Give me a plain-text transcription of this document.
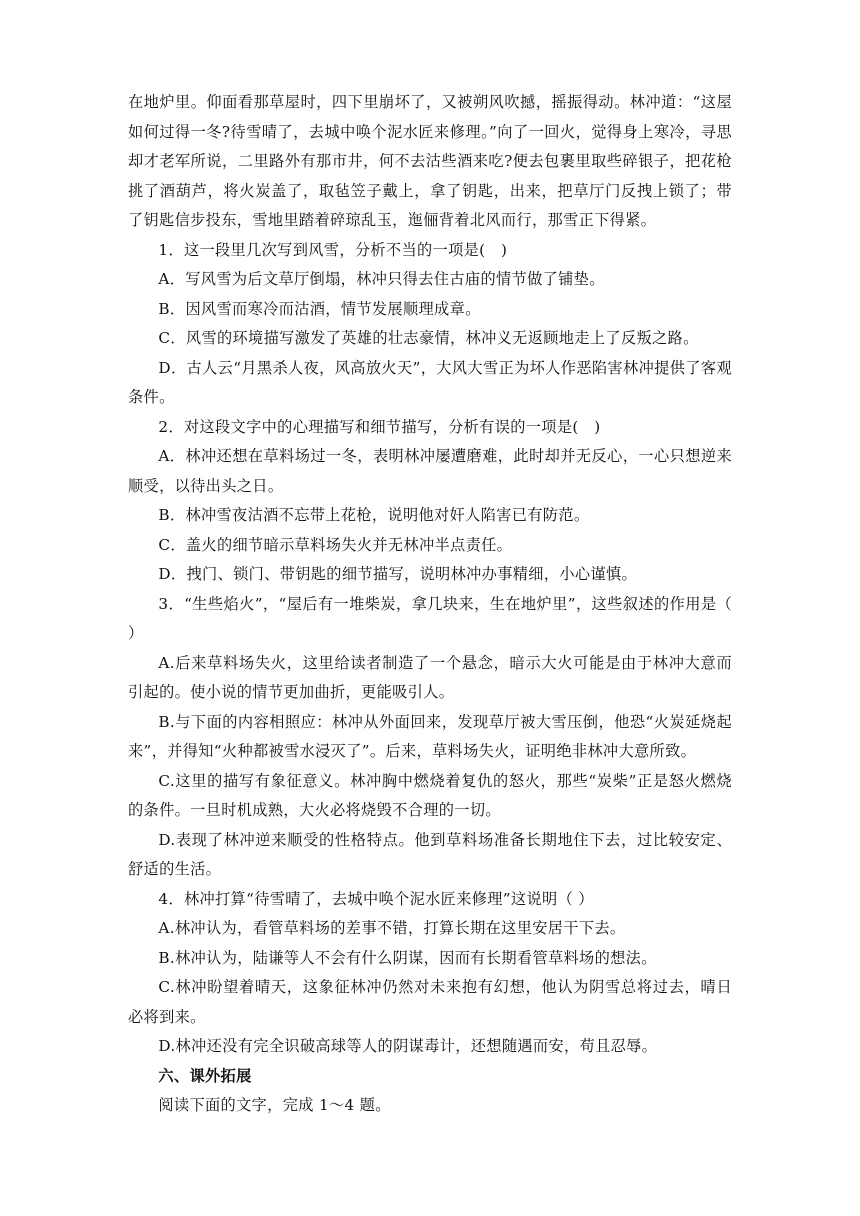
在地炉里。仰面看那草屋时，四下里崩坏了，又被朔风吹撼，摇振得动。林冲道：“这屋如何过得一冬?待雪晴了，去城中唤个泥水匠来修理。”向了一回火，觉得身上寒冷，寻思却才老军所说，二里路外有那市井，何不去沽些酒来吃?便去包裹里取些碎银子，把花枪挑了酒葫芦，将火炭盖了，取毡笠子戴上，拿了钥匙，出来，把草厅门反拽上锁了；带了钥匙信步投东，雪地里踏着碎琼乱玉，迤俪背着北风而行，那雪正下得紧。

1．这一段里几次写到风雪，分析不当的一项是(　)

A．写风雪为后文草厅倒塌，林冲只得去住古庙的情节做了铺垫。

B．因风雪而寒冷而沽酒，情节发展顺理成章。

C．风雪的环境描写激发了英雄的壮志豪情，林冲义无返顾地走上了反叛之路。

D．古人云“月黑杀人夜，风高放火天”，大风大雪正为坏人作恶陷害林冲提供了客观条件。

2．对这段文字中的心理描写和细节描写，分析有误的一项是(　)

A．林冲还想在草料场过一冬，表明林冲屡遭磨难，此时却并无反心，一心只想逆来顺受，以待出头之日。

B．林冲雪夜沽酒不忘带上花枪，说明他对奸人陷害已有防范。

C．盖火的细节暗示草料场失火并无林冲半点责任。

D．拽门、锁门、带钥匙的细节描写，说明林冲办事精细，小心谨慎。

3．“生些焰火”，“屋后有一堆柴炭，拿几块来，生在地炉里”，这些叙述的作用是（ ）

A.后来草料场失火，这里给读者制造了一个悬念，暗示大火可能是由于林冲大意而引起的。使小说的情节更加曲折，更能吸引人。

B.与下面的内容相照应：林冲从外面回来，发现草厅被大雪压倒，他恐“火炭延烧起来”，并得知“火种都被雪水浸灭了”。后来，草料场失火，证明绝非林冲大意所致。

C.这里的描写有象征意义。林冲胸中燃烧着复仇的怒火，那些“炭柴”正是怒火燃烧的条件。一旦时机成熟，大火必将烧毁不合理的一切。

D.表现了林冲逆来顺受的性格特点。他到草料场准备长期地住下去，过比较安定、舒适的生活。

4．林冲打算“待雪晴了，去城中唤个泥水匠来修理”这说明（ ）

A.林冲认为，看管草料场的差事不错，打算长期在这里安居干下去。

B.林冲认为，陆谦等人不会有什么阴谋，因而有长期看管草料场的想法。

C.林冲盼望着晴天，这象征林冲仍然对未来抱有幻想，他认为阴雪总将过去，晴日必将到来。

D.林冲还没有完全识破高球等人的阴谋毒计，还想随遇而安，苟且忍辱。

六、课外拓展

阅读下面的文字，完成 1～4 题。
